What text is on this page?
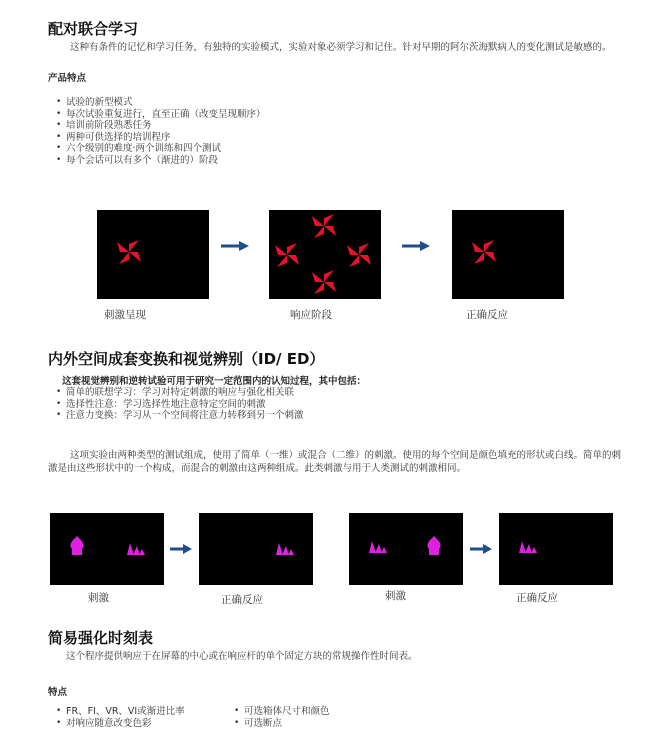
配对联合学习
这种有条件的记忆和学习任务，有独特的实验模式，实验对象必须学习和记住。针对早期的阿尔茨海默病人的变化测试是敏感的。
产品特点
• 试验的新型模式
• 每次试验重复进行，直至正确（改变呈现顺序）
• 培训前阶段熟悉任务
• 两种可供选择的培训程序
• 六个级别的难度·两个训练和四个测试
• 每个会话可以有多个（渐进的）阶段
刺激呈现	响应阶段	正确反应
内外空间成套变换和视觉辨别（ID/ ED）
这套视觉辨别和逆转试验可用于研究一定范围内的认知过程，其中包括：
• 简单的联想学习：学习对特定刺激的响应与强化相关联
• 选择性注意：学习选择性地注意特定空间的刺激
• 注意力变换：学习从一个空间将注意力转移到另一个刺激
这项实验由两种类型的测试组成，使用了简单（一维）或混合（二维）的刺激。使用的每个空间是颜色填充的形状或白线。简单的刺激是由这些形状中的一个构成，而混合的刺激由这两种组成。此类刺激与用于人类测试的刺激相同。
刺激	正确反应	刺激	正确反应
简易强化时刻表
这个程序提供响应于在屏幕的中心或在响应杆的单个固定方块的常规操作性时间表。
特点
• FR、FI、VR、VI或渐进比率
• 对响应随意改变色彩
• 可选箱体尺寸和颜色
• 可选断点
